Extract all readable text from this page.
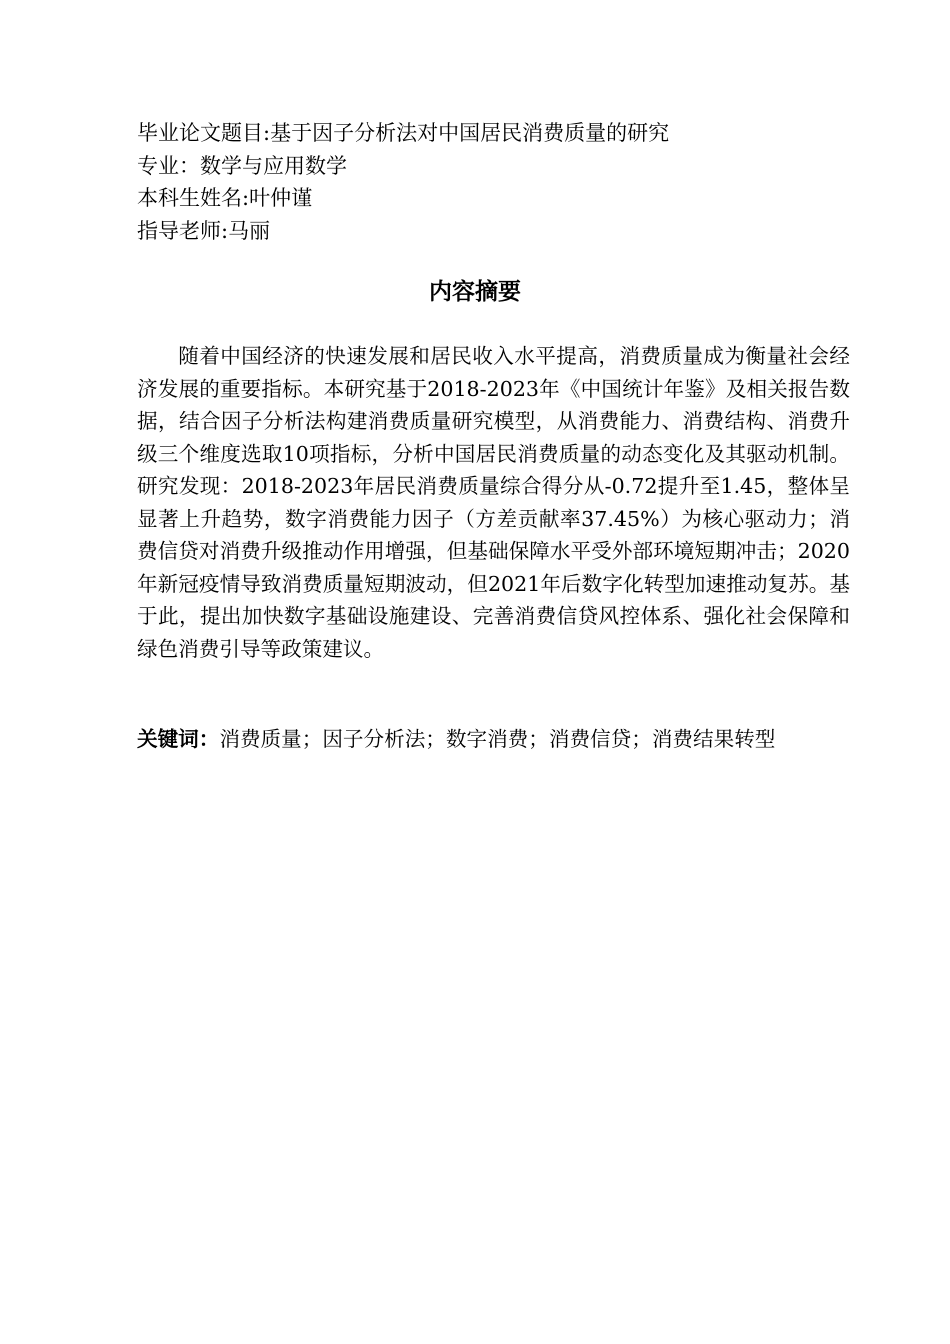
毕业论文题目:基于因子分析法对中国居民消费质量的研究
专业：数学与应用数学
本科生姓名:叶仲谨
指导老师:马丽
内容摘要

随着中国经济的快速发展和居民收入水平提高，消费质量成为衡量社会经济发展的重要指标。本研究基于2018-2023年《中国统计年鉴》及相关报告数据，结合因子分析法构建消费质量研究模型，从消费能力、消费结构、消费升级三个维度选取10项指标，分析中国居民消费质量的动态变化及其驱动机制。研究发现：2018-2023年居民消费质量综合得分从-0.72提升至1.45，整体呈显著上升趋势，数字消费能力因子（方差贡献率37.45%）为核心驱动力；消费信贷对消费升级推动作用增强，但基础保障水平受外部环境短期冲击；2020年新冠疫情导致消费质量短期波动，但2021年后数字化转型加速推动复苏。基于此，提出加快数字基础设施建设、完善消费信贷风控体系、强化社会保障和绿色消费引导等政策建议。

关键词：消费质量；因子分析法；数字消费；消费信贷；消费结果转型
